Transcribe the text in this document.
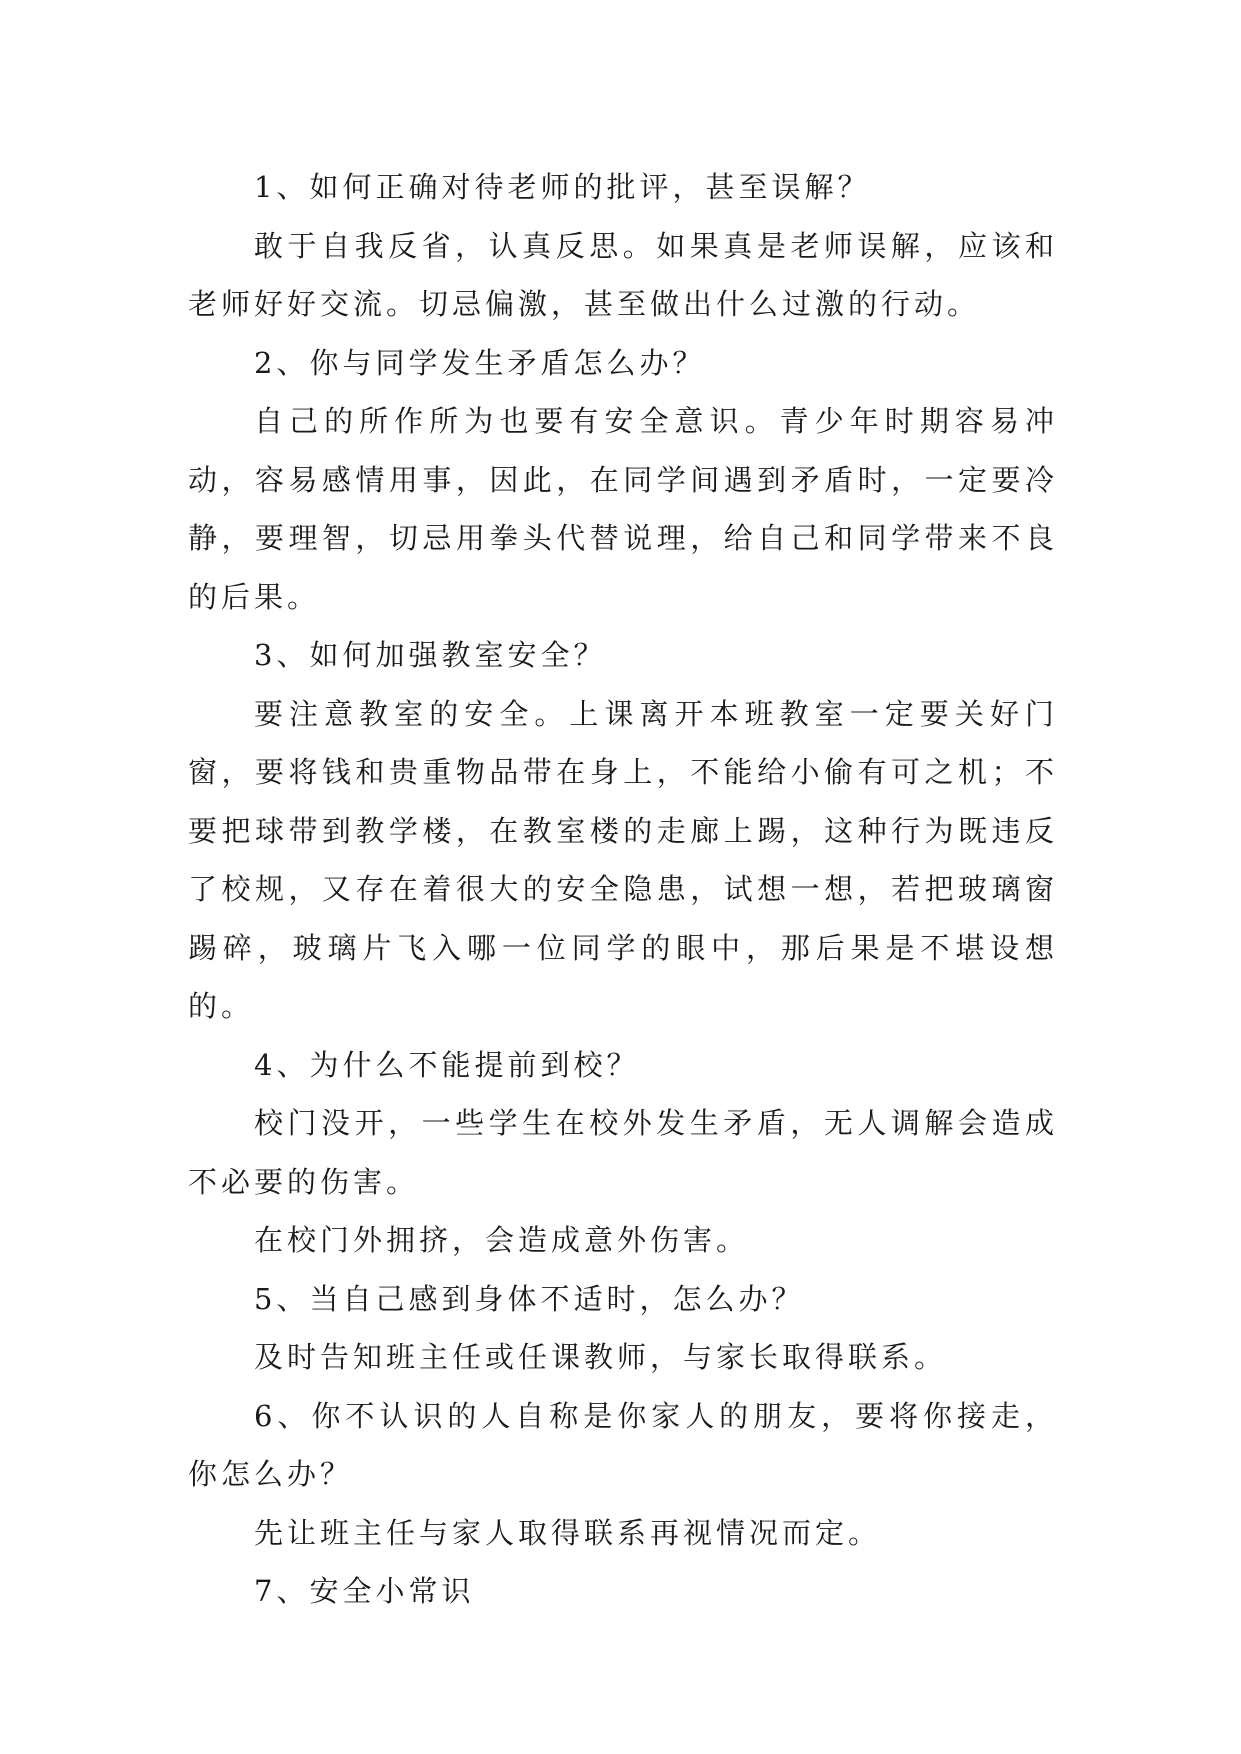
1、如何正确对待老师的批评，甚至误解？

敢于自我反省，认真反思。如果真是老师误解，应该和老师好好交流。切忌偏激，甚至做出什么过激的行动。

2、你与同学发生矛盾怎么办？

自己的所作所为也要有安全意识。青少年时期容易冲动，容易感情用事，因此，在同学间遇到矛盾时，一定要冷静，要理智，切忌用拳头代替说理，给自己和同学带来不良的后果。

3、如何加强教室安全？

要注意教室的安全。上课离开本班教室一定要关好门窗，要将钱和贵重物品带在身上，不能给小偷有可之机；不要把球带到教学楼，在教室楼的走廊上踢，这种行为既违反了校规，又存在着很大的安全隐患，试想一想，若把玻璃窗踢碎，玻璃片飞入哪一位同学的眼中，那后果是不堪设想的。

4、为什么不能提前到校？

校门没开，一些学生在校外发生矛盾，无人调解会造成不必要的伤害。

在校门外拥挤，会造成意外伤害。

5、当自己感到身体不适时，怎么办？

及时告知班主任或任课教师，与家长取得联系。

6、你不认识的人自称是你家人的朋友，要将你接走，你怎么办？

先让班主任与家人取得联系再视情况而定。

7、安全小常识
